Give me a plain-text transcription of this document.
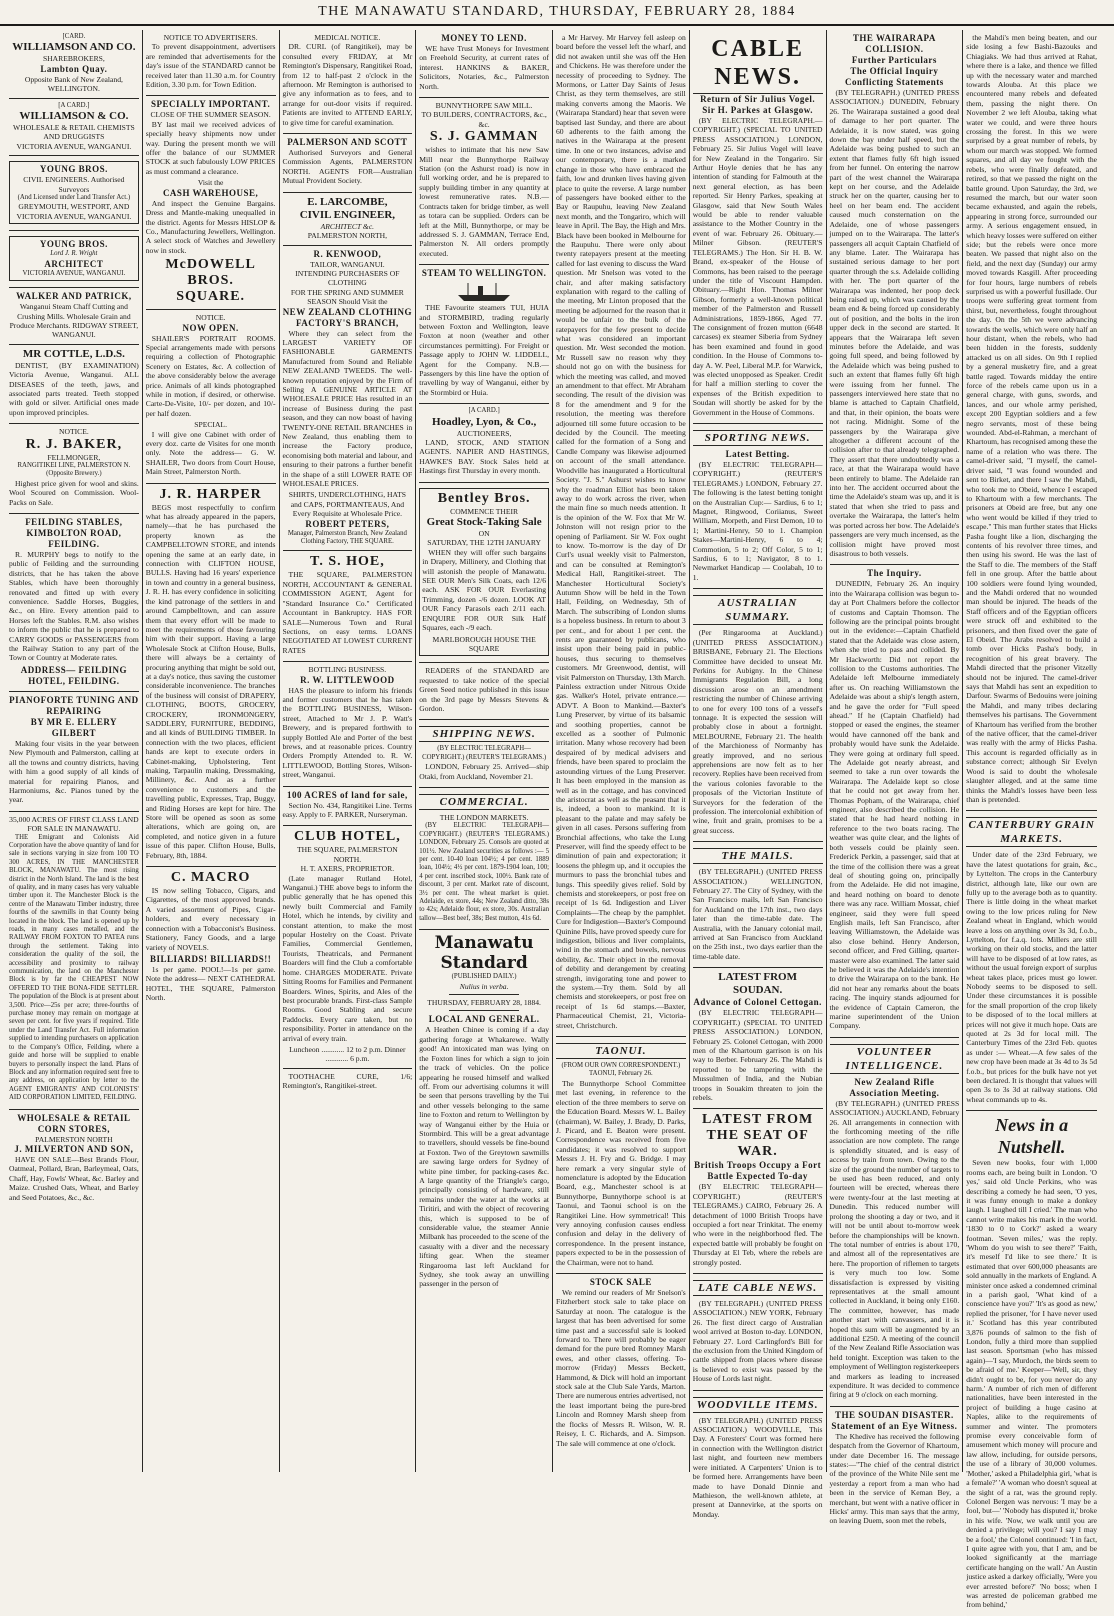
THE MANAWATU STANDARD, THURSDAY, FEBRUARY 28, 1884
[CARD.
WILLIAMSON AND CO.
SHAREBROKERS,
Lambton Quay.
Opposite Bank of New Zealand, WELLINGTON.
[A CARD.]
WILLIAMSON & CO.
WHOLESALE & RETAIL CHEMISTS AND DRUGGISTS
VICTORIA AVENUE, WANGANUI.
YOUNG BROS.
CIVIL ENGINEERS. Authorised Surveyors
(And Licensed under Land Transfer Act.)
GREYMOUTH, WESTPORT, AND VICTORIA AVENUE, WANGANUI.
YOUNG BROS.
Lord J. R. Wright
ARCHITECT
VICTORIA AVENUE, WANGANUI.
WALKER AND PATRICK,
Wanganui Steam Chaff Cutting and Crushing Mills. Wholesale Grain and Produce Merchants. RIDGWAY STREET, WANGANUI.
MR COTTLE, L.D.S.

DENTIST, (BY EXAMINATION) Victoria Avenue, Wanganui. ALL DISEASES of the teeth, jaws, and associated parts treated. Teeth stopped with gold or silver. Artificial ones made upon improved principles.

NOTICE.
R. J. BAKER,
FELLMONGER,
RANGITIKEI LINE, PALMERSTON N. (Opposite Brewery.)

Highest price given for wool and skins. Wool Scoured on Commission. Wool-Packs on Sale.

FEILDING STABLES, KIMBOLTON ROAD, FEILDING.

R. MURPHY begs to notify to the public of Feilding and the surrounding districts, that he has taken the above Stables, which have been thoroughly renovated and fitted up with every convenience. Saddle Horses, Buggies, &c., on Hire. Every attention paid to Horses left the Stables. R.M. also wishes to inform the public that he is prepared to CARRY GOODS or PASSENGERS from the Railway Station to any part of the Town or Country at Moderate rates.

ADDRESS— FEILDING HOTEL, FEILDING.
PIANOFORTE TUNING AND REPAIRING
BY MR E. ELLERY GILBERT

Making four visits in the year between New Plymouth and Palmerston, calling at all the towns and country districts, having with him a good supply of all kinds of material for repairing Pianos, and Harmoniums, &c. Pianos tuned by the year.

35,000 ACRES OF FIRST CLASS LAND FOR SALE IN MANAWATU.

THE Emigrant and Colonists Aid Corporation have the above quantity of land for sale in sections varying in size from 100 TO 300 ACRES, IN THE MANCHESTER BLOCK, MANAWATU. The most rising district in the North Island. The land is the best of quality, and in many cases has very valuable timber upon it. The Manchester Block is the centre of the Manawatu Timber industry, three fourths of the sawmills in that County being located in the block. The land is opened up by roads, in many cases metalled, and the RAILWAY FROM FOXTON TO PATEA runs through the settlement. Taking into consideration the quality of the soil, the accessibility and proximity to railway communication, the land on the Manchester Block is by far the CHEAPEST NOW OFFERED TO THE BONA-FIDE SETTLER. The population of the Block is at present about 3,500. Price—25s per acre; three-fourths of purchase money may remain on mortgage at seven per cent. for five years if required. Title under the Land Transfer Act. Full information supplied to intending purchasers on application to the Company's Office, Feilding, where a guide and horse will be supplied to enable buyers to personally inspect the land. Plans of Block and any information required sent free to any address, on application by letter to the AGENT EMIGRANTS' AND COLONISTS' AID CORPORATION LIMITED, FEILDING.

WHOLESALE & RETAIL CORN STORES,
PALMERSTON NORTH
J. MILVERTON AND SON,

HAVE ON SALE—Best Brands Flour, Oatmeal, Pollard, Bran, Barleymeal, Oats, Chaff, Hay, Fowls' Wheat, &c. Barley and Maize. Crushed Oats, Wheat, and Barley and Seed Potatoes, &c., &c.

NOTICE TO ADVERTISERS.

To prevent disappointment, advertisers are reminded that advertisements for the day's issue of the STANDARD cannot be received later than 11.30 a.m. for Country Edition, 3.30 p.m. for Town Edition.

SPECIALLY IMPORTANT.
CLOSE OF THE SUMMER SEASON.

BY last mail we received advices of specially heavy shipments now under way. During the present month we will offer the balance of our SUMMER STOCK at such fabulously LOW PRICES as must command a clearance.

Visit the
CASH WAREHOUSE,

And inspect the Genuine Bargains. Dress and Mantle-making unequalled in the district. Agents for Messrs HISLOP & Co., Manufacturing Jewellers, Wellington. A select stock of Watches and Jewellery now in stock.

McDOWELL BROS.
SQUARE.
NOTICE.
NOW OPEN.

SHAILER'S PORTRAIT ROOMS. Special arrangements made with persons requiring a collection of Photographic Scenery on Estates, &c. A collection of the above considerably below the average price. Animals of all kinds photographed while in motion, if desired, or otherwise. Carte-De-Visite, 10/- per dozen, and 10/- per half dozen.

SPECIAL.

I will give one Cabinet with order of every doz. carte de Visites for one month only. Note the address— G. W. SHAILER, Two doors from Court House, Main Street, Palmerston North.

J. R. HARPER

BEGS most respectfully to confirm what has already appeared in the papers, namely—that he has purchased the property known as the CAMPBELLTOWN STORE, and intends opening the same at an early date, in connection with CLIFTON HOUSE, BULLS. Having had 16 years' experience in town and country in a general business, J. R. H. has every confidence in soliciting the kind patronage of the settlers in and around Campbelltown, and can assure them that every effort will be made to meet the requirements of those favouring him with their support. Having a large Wholesale Stock at Clifton House, Bulls, there will always be a certainty of procuring anything that might be sold out, at a day's notice, thus saving the customer considerable inconvenience. The branches of the business will consist of DRAPERY, CLOTHING, BOOTS, GROCERY, CROCKERY, IRONMONGERY, SADDLERY, FURNITURE, BEDDING, and all kinds of BUILDING TIMBER. In connection with the two places, efficient hands are kept to execute orders in Cabinet-making, Upholstering, Tent making, Tarpaulin making, Dressmaking, Millinery, &c. And as a further convenience to customers and the travelling public, Expresses, Trap, Buggy, and Riding Horses are kept for hire. The Store will be opened as soon as some alterations, which are going on, are completed, and notice given in a future issue of this paper. Clifton House, Bulls, February, 8th, 1884.

C. MACRO

IS now selling Tobacco, Cigars, and Cigarettes, of the most approved brands. A varied assortment of Pipes, Cigar-holders, and every necessary in connection with a Tobacconist's Business. Stationery, Fancy Goods, and a large variety of NOVELS.

BILLIARDS! BILLIARDS!!

1s per game. POOL!—1s per game. Note the address— NEXT CATHEDRAL HOTEL, THE SQUARE, Palmerston North.

MEDICAL NOTICE.

DR. CURL (of Rangitikei), may be consulted every FRIDAY, at Mr Remington's Dispensary, Rangitikei Road, from 12 to half-past 2 o'clock in the afternoon. Mr Remington is authorised to give any information as to fees, and to arrange for out-door visits if required. Patients are invited to ATTEND EARLY, to give time for careful examination.

PALMERSON AND SCOTT

Authorised Surveyors and General Commission Agents, PALMERSTON NORTH. AGENTS FOR—Australian Mutual Provident Society.

E. LARCOMBE,
CIVIL ENGINEER,
ARCHITECT &c.
PALMERSTON NORTH,
R. KENWOOD,
TAILOR, WANGANUI.
INTENDING PURCHASERS OF CLOTHING
FOR THE SPRING AND SUMMER SEASON Should Visit the
NEW ZEALAND CLOTHING FACTORY'S BRANCH,

Where they can select from the LARGEST VARIETY OF FASHIONABLE GARMENTS Manufactured from Sound and Reliable NEW ZEALAND TWEEDS. The well-known reputation enjoyed by the Firm of Selling A GENUINE ARTICLE AT WHOLESALE PRICE Has resulted in an increase of Business during the past season, and they can now boast of having TWENTY-ONE RETAIL BRANCHES in New Zealand, thus enabling them to increase the Factory produce, economising both material and labour, and ensuring to their patrons a further benefit in the shape of a still LOWER RATE OF WHOLESALE PRICES.

SHIRTS, UNDERCLOTHING, HATS and CAPS, PORTMANTEAUS, And Every Requisite at Wholesale Price.
ROBERT PETERS,
Manager, Palmerston Branch, New Zealand Clothing Factory, THE SQUARE.
T. S. HOE,

THE SQUARE, PALMERSTON NORTH, ACCOUNTANT & GENERAL COMMISSION AGENT, Agent for "Standard Insurance Co." Certificated Accountant in Bankruptcy. HAS FOR SALE—Numerous Town and Rural Sections, on easy terms. LOANS NEGOTIATED AT LOWEST CURRENT RATES

BOTTLING BUSINESS.
R. W. LITTLEWOOD

HAS the pleasure to inform his friends and former customers that he has taken the BOTTLING BUSINESS, Wilson-street, Attached to Mr J. P. Watt's Brewery, and is prepared forthwith to supply Bottled Ale and Porter of the best brews, and at reasonable prices. Country Orders Promptly Attended to. R. W. LITTLEWOOD, Bottling Stores, Wilson-street, Wanganui.

100 ACRES of land for sale,

Section No. 434, Rangitikei Line. Terms easy. Apply to F. PARKER, Nurseryman.

CLUB HOTEL,
THE SQUARE, PALMERSTON NORTH.
H. T. AXERS, PROPRIETOR.

(Late manager Rutland Hotel, Wanganui.) THE above begs to inform the public generally that he has opened this newly built Commercial and Family Hotel, which he intends, by civility and constant attention, to make the most popular Hostelry on the Coast. Private Families, Commercial Gentlemen, Tourists, Theatricals, and Permanent Boarders will find the Club a comfortable home. CHARGES MODERATE. Private Sitting Rooms for Families and Permanent Boarders. Wines, Spirits, and Ales of the best procurable brands. First-class Sample Rooms. Good Stabling and secure Paddocks. Every care taken, but no responsibility. Porter in attendance on the arrival of every train.

Luncheon ............ 12 to 2 p.m. Dinner ............ 6 p.m.

TOOTHACHE CURE, 1/6; Remington's, Rangitikei-street.

MONEY TO LEND.

WE have Trust Moneys for Investment on Freehold Security, at current rates of interest. HANKINS & BAKER, Solicitors, Notaries, &c., Palmerston North.

BUNNYTHORPE SAW MILL.
TO BUILDERS, CONTRACTORS, &c., &c.
S. J. GAMMAN

wishes to intimate that his new Saw Mill near the Bunnythorpe Railway Station (on the Ashurst road) is now in full working order, and he is prepared to supply building timber in any quantity at lowest remunerative rates. N.B.—Contracts taken for bridge timber, as well as totara can be supplied. Orders can be left at the Mill, Bunnythorpe, or may be addressed S. J. GAMMAN, Terrace End, Palmerston N. All orders promptly executed.

STEAM TO WELLINGTON.

THE Favourite steamers TUI, HUIA and STORMBIRD, trading regularly between Foxton and Wellington, leave Foxton at noon (weather and other circumstances permitting). For Freight or Passage apply to JOHN W. LIDDELL, Agent for the Company. N.B.—Passengers by this line have the option of travelling by way of Wanganui, either by the Stormbird or Huia.

[A CARD.]
Hoadley, Lyon, & Co.,
AUCTIONEERS,

LAND, STOCK, AND STATION AGENTS. NAPIER AND HASTINGS, HAWKE'S BAY. Stock Sales held at Hastings first Thursday in every month.

Bentley Bros.
COMMENCE THEIR
Great Stock-Taking Sale
ON
SATURDAY, THE 12TH JANUARY

WHEN they will offer such bargains in Drapery, Millinery, and Clothing that will astonish the people of Manawatu. SEE OUR Men's Silk Coats, each 12/6 each. ASK FOR OUR Everlasting Trimming, dozen -/6 dozen. LOOK AT OUR Fancy Parasols each 2/11 each. ENQUIRE FOR OUR Silk Half Squares, each -/9 each.

MARLBOROUGH HOUSE THE SQUARE

READERS of the STANDARD are requested to take notice of the special Green Seed notice published in this issue on the 3rd page by Messrs Stevens & Gordon.

SHIPPING NEWS.
(BY ELECTRIC TELEGRAPH—COPYRIGHT.) (REUTER'S TELEGRAMS.)

LONDON, February 25. Arrived—ship Otaki, from Auckland, November 21.

COMMERCIAL.
THE LONDON MARKETS.

(BY ELECTRIC TELEGRAPH—COPYRIGHT.) (REUTER'S TELEGRAMS.) LONDON, February 25. Consols are quoted at 101½. New Zealand securities as follows :— 5 per cent. 10-40 loan 104½; 4 per cent. 1889 loan, 104½; 4½ per cent. 1879-1904 loan, 100; 4 per cent. inscribed stock, 100½. Bank rate of discount, 3 per cent. Market rate of discount, 3½ per cent. The wheat market is quiet. Adelaide, ex store, 44s; New Zealand ditto, 38s to 42s; Adelaide flour, ex store, 30s. Australian tallow—Best beef, 38s; Best mutton, 41s 6d.

Manawatu Standard
(PUBLISHED DAILY.)
Nulius in verba.
THURSDAY, FEBRUARY 28, 1884.
LOCAL AND GENERAL.

A Heathen Chinee is coming if a day gathering forage at Whakarewe. Wally good! An intoxicated man was lying on the Foxton lines for which a sign to join the track of vehicles. On the police appearing he roused himself and walked off. From our advertising columns it will be seen that persons travelling by the Tui and other vessels belonging to the same line to Foxton and return to Wellington by way of Wanganui either by the Huia or Stormbird. This will be a great advantage to travellers, should vessels be fine-bound at Foxton. Two of the Greytown sawmills are sawing large orders for Sydney of white pine timber, for packing-cases &c. A large quantity of the Triangle's cargo, principally consisting of hardware, still remains under the water at the works at Tiritiri, and with the object of recovering this, which is supposed to be of considerable value, the steamer Annie Milbank has proceeded to the scene of the casualty with a diver and the necessary lifting gear. When the steamer Ringarooma last left Auckland for Sydney, she took away an unwilling passenger in the person of

a Mr Harvey. Mr Harvey fell asleep on board before the vessel left the wharf, and did not awaken until she was off the Hen and Chickens. He was therefore under the necessity of proceeding to Sydney. The Mormons, or Latter Day Saints of Jesus Christ, as they term themselves, are still making converts among the Maoris. We (Wairarapa Standard) hear that seven were baptised last Sunday, and there are about 60 adherents to the faith among the natives in the Wairarapa at the present time. In one or two instances, advise and our contemporary, there is a marked change in those who have embraced the faith, low and drunken lives having given place to quite the reverse. A large number of passengers have booked either to the Bay or Raupuhu, leaving New Zealand next month, and the Tongariro, which will leave in April. The Bay, the High and Mrs. Black have been booked in Melbourne for the Raupuhu. There were only about twenty ratepayers present at the meeting called for last evening to discuss the Ward question. Mr Snelson was voted to the chair, and after making satisfactory explanation with regard to the calling of the meeting, Mr Linton proposed that the meeting be adjourned for the reason that it would be unfair to the bulk of the ratepayers for the few present to decide what was considered an important question. Mr. West seconded the motion. Mr Russell saw no reason why they should not go on with the business for which the meeting was called, and moved an amendment to that effect. Mr Abraham seconding. The result of the division was 8 for the amendment and 9 for the resolution, the meeting was therefore adjourned till some future occasion to be decided by the Council. The meeting called for the formation of a Song and Candle Company was likewise adjourned on account of the small attendance. Woodville has inaugurated a Horticultural Society. "J. S." Ashurst wishes to know why the roadman Elliot has been taken away to do work across the river, when the main fine so much needs attention. It is the opinion of the W. Fox that Mr W. Johnston will not resign prior to the opening of Parliament. Sir W. Fox ought to know. To-morrow is the day of Dr Curl's usual weekly visit to Palmerston, and can be consulted at Remington's Medical Hall, Rangitikei-street. The Manchester Horticultural Society's Autumn Show will be held in the Town Hall, Feilding, on Wednesday, 5th of March. The subscribing of London slums is a hopeless business. In return to about 3 per cent., and for about 1 per cent. the rents are guaranteed by publicans, who insist upon their being paid in public-houses, thus securing to themselves customers. Mr Greenwood, dentist, will visit Palmerston on Thursday, 13th March. Painless extraction under Nitrous Oxide gas. Walker's Hotel, private entrance.— ADVT. A Boon to Mankind.—Baxter's Lung Preserver, by virtue of its balsamic and soothing properties, cannot be excelled as a soother of Pulmonic irritation. Many whose recovery had been despaired of by medical advisers and friends, have been spared to proclaim the astounding virtues of the Lung Preserver. It has been employed in the mansion as well as in the cottage, and has convinced the aristocrat as well as the peasant that it is, indeed, a boon to mankind. It is pleasant to the palate and may safely be given in all cases. Persons suffering from Bronchial affections, who take the Lung Preserver, will find the speedy effect to be diminution of pain and expectoration; it loosens the phlegm up, and it occupies the murmurs to pass the bronchial tubes and lungs. This speedily gives relief. Sold by chemists and storekeepers, or post free on receipt of 1s 6d. Indigestion and Liver Complaints—The cheap by the pamphlet. Cure for Indigestion—Baxter's Compound Quinine Pills, have proved speedy cure for indigestion, bilious and liver complaints, wind in the stomach and bowels, nervous debility, &c. Their object in the removal of debility and derangement by creating strength, invigorating tone and power to the system.—Try them. Sold by all chemists and storekeepers, or post free on receipt of 1s 6d stamps.—Baxter, Pharmaceutical Chemist, 21, Victoria-street, Christchurch.

TAONUI.
(FROM OUR OWN CORRESPONDENT.) TAONUI, February 26.

The Bunnythorpe School Committee met last evening, in reference to the election of the three members to serve on the Education Board. Messrs W. L. Bailey (chairman), W. Bailey, J. Brady, D. Parks, J. Picard, and E. Beaton were present. Correspondence was received from five candidates; it was resolved to support Messrs J. H. Fry and G. Bridge. I may here remark a very singular style of nomenclature is adopted by the Education Board, e.g., Manchester school is at Bunnythorpe, Bunnythorpe school is at Taonui, and Taonui school is on the Rangitikei Line. How symmetrical! This very annoying confusion causes endless confusion and delay in the delivery of correspondence. In the present instance, papers expected to be in the possession of the Chairman, were not to hand.

STOCK SALE

We remind our readers of Mr Snelson's Fitzherbert stock sale to take place on Saturday at noon. The catalogue is the largest that has been advertised for some time past and a successful sale is looked forward to. There will probably be eager demand for the pure bred Romney Marsh ewes, and other classes, offering. To-morrow (Friday) Messrs Beckett, Hammond, & Dick will hold an important stock sale at the Club Sale Yards, Marton. There are numerous entries advertised, not the least important being the pure-bred Lincoln and Romney Marsh sheep from the flocks of Messrs R. Wilson, W. R. Reisey, I. C. Richards, and A. Simpson. The sale will commence at one o'clock.

CABLE NEWS.
Return of Sir Julius Vogel.
Sir H. Parkes at Glasgow.

(BY ELECTRIC TELEGRAPH.—COPYRIGHT.) (SPECIAL TO UNITED PRESS ASSOCIATION.) LONDON, February 25. Sir Julius Vogel will leave for New Zealand in the Tongariro. Sir Arthur Hoyle denies that he has any intention of standing for Falmouth at the next general election, as has been reported. Sir Henry Parkes, speaking at Glasgow, said that New South Wales would be able to render valuable assistance to the Mother Country in the event of war. February 26. Obituary.—Milner Gibson. (REUTER'S TELEGRAMS.) The Hon. Sir H. B. W. Brand, ex-speaker of the House of Commons, has been raised to the peerage under the title of Viscount Hampden. Obituary.—Right Hon. Thomas Milner Gibson, formerly a well-known political member of the Palmerston and Russell Administrations, 1859-1866, Aged 77. The consignment of frozen mutton (6648 carcases) ex steamer Siberia from Sydney has been examined and found in good condition. In the House of Commons to-day A. W. Peel, Liberal M.P. for Warwick, was elected unopposed as Speaker. Credit for half a million sterling to cover the expenses of the British expedition to Soudan will shortly be asked for by the Government in the House of Commons.

SPORTING NEWS.
Latest Betting.

(BY ELECTRIC TELEGRAPH—COPYRIGHT.) (REUTER'S TELEGRAMS.) LONDON, February 27. The following is the latest betting tonight on the Australian Cup:— Sardius, 6 to 1; Magnet, Ringwood, Coriianus, Sweet William, Morpeth, and First Demon, 10 to 1; Martini-Henry, 50 to 1. Champion Stakes—Martini-Henry, 6 to 4; Commotion, 5 to 2; Off Color, 5 to 1; Sardius, 6 to 1; Navigator, 8 to 1. Newmarket Handicap — Coolabah, 10 to 1.

AUSTRALIAN SUMMARY.

(Per Ringarooma at Auckland.) (UNITED PRESS ASSOCIATION.) BRISBANE, February 21. The Elections Committee have decided to unseat Mr. Perkins for Aubigny. In the Chinese Immigrants Regulation Bill, a long discussion arose on an amendment restricting the number of Chinese arriving to one for every 100 tons of a vessel's tonnage. It is expected the session will probably close in about a fortnight. MELBOURNE, February 21. The health of the Marchioness of Normanby has greatly improved, and no serious apprehensions are now felt as to her recovery. Replies have been received from the various colonies favorable to the proposals of the Victorian Institute of Surveyors for the federation of the profession. The intercolonial exhibition of wine, fruit and grain, promises to be a great success.

THE MAILS.

(BY TELEGRAPH.) (UNITED PRESS ASSOCIATION.) WELLINGTON, February 27. The City of Sydney, with the San Francisco mails, left San Francisco for Auckland on the 17th inst., two days later than the time-table date. The Australia, with the January colonial mail, arrived at San Francisco from Auckland on the 25th inst., two days earlier than the time-table date.

LATEST FROM SOUDAN.
Advance of Colonel Cettogan.

(BY ELECTRIC TELEGRAPH—COPYRIGHT.) (SPECIAL TO UNITED PRESS ASSOCIATION.) LONDON, February 25. Colonel Cettogan, with 2000 men of the Khartoum garrison is on his way to Berber. February 26. The Mahdi is reported to be tampering with the Mussulmen of India, and the Nubian troops in Souakim threaten to join the rebels.

LATEST FROM THE SEAT OF WAR.
British Troops Occupy a Fort
Battle Expected To-day

(BY ELECTRIC TELEGRAPH—COPYRIGHT.) (REUTER'S TELEGRAMS.) CAIRO, February 26. A detachment of 1000 British Troops have occupied a fort near Trinkitat. The enemy who were in the neighborhood fled. The expected battle will probably be fought on Thursday at El Teb, where the rebels are strongly posted.

LATE CABLE NEWS.

(BY TELEGRAPH.) (UNITED PRESS ASSOCIATION.) NEW YORK, February 26. The first direct cargo of Australian wool arrived at Boston to-day. LONDON, February 27. Lord Carlingford's Bill for the exclusion from the United Kingdom of cattle shipped from places where disease is believed to exist was passed by the House of Lords last night.

WOODVILLE ITEMS.

(BY TELEGRAPH.) (UNITED PRESS ASSOCIATION.) WOODVILLE, This Day. A Foresters' Court was formed here in connection with the Wellington district last night, and fourteen new members were initiated. A Carpenters' Union is to be formed here. Arrangements have been made to have Donald Dinnie and Mathieson, the well-known athlete, at present at Dannevirke, at the sports on Monday.

THE WAIRARAPA COLLISION.
Further Particulars
The Official Inquiry
Conflicting Statements

(BY TELEGRAPH.) (UNITED PRESS ASSOCIATION.) DUNEDIN, February 26. The Wairarapa sustained a good deal of damage to her port quarter. The Adelaide, it is now stated, was going down the bay under half speed, but the Adelaide was being pushed to such an extent that flames fully 6ft high issued from her funnel. On entering the narrow part of the west channel the Wairarapa kept on her course, and the Adelaide struck her on the quarter, causing her to heel on her beam end. The accident caused much consternation on the Adelaide, one of whose passengers jumped on to the Wairarapa. The latter's passengers all acquit Captain Chatfield of any blame. Later. The Wairarapa has sustained serious damage to her port quarter through the s.s. Adelaide colliding with her. The port quarter of the Wairarapa was indented, her poop deck being raised up, which was caused by the beam end & being forced up considerably out of position, and the bolts in the iron upper deck in the second are started. It appears that the Wairarapa left seven minutes before the Adelaide, and was going full speed, and being followed by the Adelaide which was being pushed to such an extent that flames fully 6ft high were issuing from her funnel. The passengers interviewed here state that no blame is attached to Captain Chatfield, and that, in their opinion, the boats were not racing. Midnight. Some of the passengers by the Wairarapa give altogether a different account of the collision after to that already telegraphed. They assert that there undoubtedly was a race, at that the Wairarapa would have been entirely to blame. The Adelaide ran into her. The accident occurred about the time the Adelaide's steam was up, and it is stated that when she tried to pass and overtake the Wairarapa, the latter's helm was ported across her bow. The Adelaide's passengers are very much incensed, as the collision might have proved most disastrous to both vessels.

The Inquiry.

DUNEDIN, February 26. An inquiry into the Wairarapa collision was begun to-day at Port Chalmers before the collector of customs and Captain Thomson. The following are the principal points brought out in the evidence:—Captain Chatfield stated that the Adelaide was close astern, when she tried to pass and collided. By Mr Hackworth: Did not report the collision to the Customs authorities. The Adelaide left Melbourne immediately after us. On reaching Williamstown the Adelaide was about a ship's length astern, and he gave the order for "Full speed ahead." If he (Captain Chatfield) had stopped or eased the engines, the steamer would have cannoned off the bank and probably would have sunk the Adelaide. They were going at ordinary full speed. The Adelaide got nearly abreast, and seemed to take a run over towards the Wairarapa. The Adelaide kept so close that he could not get away from her. Thomas Popham, of the Wairarapa, chief engineer, also described the collision. He stated that he had heard nothing in reference to the two boats racing. The weather was quite clear, and the lights of both vessels could be plainly seen. Frederick Perkin, a passenger, said that at the time of the collision there was a great deal of shouting going on, principally from the Adelaide. He did not imagine, and heard nothing on board to denote there was any race. William Mossat, chief engineer, said they were full speed English mails, left San Francisco, after leaving Williamstown, the Adelaide was also close behind. Henry Anderson, second officer, and Fred Gilling, quarter-master were also examined. The latter said he believed it was the Adelaide's intention to drive the Wairarapa on to the bank. He did not hear any remarks about the boats racing. The inquiry stands adjourned for the evidence of Captain Cameron, the marine superintendent of the Union Company.

VOLUNTEER INTELLIGENCE.
New Zealand Rifle Association Meeting.

(BY TELEGRAPH.) (UNITED PRESS ASSOCIATION.) AUCKLAND, February 26. All arrangements in connection with the forthcoming meeting of the rifle association are now complete. The range is splendidly situated, and is easy of access by train from town. Owing to the size of the ground the number of targets to be used has been reduced, and only fourteen will be erected, whereas there were twenty-four at the last meeting at Dunedin. This reduced number will prolong the shooting a day or two, and it will not be until about to-morrow week before the championships will be known. The total number of entries is about 170, and almost all of the representatives are here. The proportion of riflemen to targets is very much too low. Some dissatisfaction is expressed by visiting representatives at the small amount collected in Auckland, it being only £160. The committee, however, has made another start with canvassers, and it is hoped this sum will be augmented by an additional £250. A meeting of the council of the New Zealand Rifle Association was held tonight. Exception was taken to the employment of Wellington registerkeepers and markers as leading to increased expenditure. It was decided to commence firing at 9 o'clock on each morning.

THE SOUDAN DISASTER.
Statement of an Eye Witness.

The Khedive has received the following despatch from the Governor of Khartoum, under date December 16. The message states:—"The chief of the central district of the province of the White Nile sent me yesterday a report from a man who had been in the service of Keman Bey, a merchant, but went with a native officer in Hicks' army. This man says that the army, on leaving Duem, soon met the rebels,

the Mahdi's men being beaten, and our side losing a few Bashi-Bazouks and Chiagiaks. We had thus arrived at Rahat, where there is a lake, and thence we filled up with the necessary water and marched towards Alouba. At this place we encountered many rebels and defeated them, passing the night there. On November 2 we left Alouba, taking what water we could, and were three hours crossing the forest. In this we were surprised by a great number of rebels, by whom our march was stopped. We formed squares, and all day we fought with the rebels, who were finally defeated, and retired, so that we passed the night on the battle ground. Upon Saturday, the 3rd, we resumed the march, but our water soon became exhausted, and again the rebels, appearing in strong force, surrounded our army. A serious engagement ensued, in which heavy losses were suffered on either side; but the rebels were once more beaten. We passed that night also on the field, and the next day (Sunday) our army moved towards Kasgill. After proceeding for four hours, large numbers of rebels surprised us with a powerful fusillade. Our troops were suffering great torment from thirst, but, nevertheless, fought throughout the day. On the 5th we were advancing towards the wells, which were only half an hour distant, when the rebels, who had been hidden in the forests, suddenly attacked us on all sides. On 9th I replied by a general musketry fire, and a great battle raged. Towards midday the entire force of the rebels came upon us in a general charge, with guns, swords, and lances, and our whole army perished, except 200 Egyptian soldiers and a few negro servants, most of these being wounded. Abd-el-Rahman, a merchant of Khartoum, has recognised among these the name of a relation who was there. The camel-driver said, "I myself, the camel-driver said, "I was found wounded and sent to Birket, and there I saw the Mahdi, who took me to Obeid, whence I escaped to Khartoum with a few merchants. The prisoners at Obeid are free, but any one who went would be killed if they tried to escape." This man further states that Hicks Pasha fought like a lion, discharging the contents of his revolver three times, and then using his sword. He was the last of the Staff to die. The members of the Staff fell in one group. After the battle about 100 soldiers were found lying wounded, and the Mahdi ordered that no wounded man should be injured. The heads of the Staff officers and of the Egyptian officers were struck off and exhibited to the prisoners, and then fixed over the gate of El Obeid. The Arabs resolved to build a tomb over Hicks Pasha's body, in recognition of his great bravery. The Mahdi directed that the prisoner Vitzelly should not be injured. The camel-driver says that Mahdi has sent an expedition to Darfour. Swarms of Bedouins were joining the Mahdi, and many tribes declaring themselves his partisans. The Government of Khartoum has verified from the brother of the native officer, that the camel-driver was really with the army of Hicks Pasha. This account is regarded officially as in substance correct; although Sir Evelyn Wood is said to doubt the wholesale slaughter alleged, and at the same time thinks the Mahdi's losses have been less than is pretended.

CANTERBURY GRAIN MARKETS.

Under date of the 23rd February, we have the latest quotations for grain, &c., by Lyttelton. The crops in the Canterbury district, although late, like our own are fully up to the average both as to quantity. There is little doing in the wheat market owing to the low prices ruling for New Zealand wheat in England, which would leave a loss on anything over 3s 3d, f.o.b., Lyttelton, for f.a.q. lots. Millers are still working on their old stocks, and the latter will have to be disposed of at low rates, as without the usual foreign export of surplus wheat takes place, prices must go lower. Nobody seems to be disposed to sell. Under these circumstances it is possible for the small proportion of the crop likely to be disposed of to the local millers at prices will not give it much hope. Oats are quoted at 2s 3d for local mill. The Canterbury Times of the 23rd Feb. quotes as under :— Wheat.—A few sales of the new crop have been made at 3s 4d to 3s 5d f.o.b., but prices for the bulk have not yet been declared. It is thought that values will open 3s to 3s 3d at railway stations. Old wheat commands up to 4s.

News in a Nutshell.

Seven new books, four with 1,000 rooms each, are being built in London. 'O yes,' said old Uncle Perkins, who was describing a comedy he had seen, 'O yes, it was funny enough to make a donkey laugh. I laughed till I cried.' The man who cannot write makes his mark in the world. '1830 to 0 to Cork?' asked a weary footman. 'Seven miles,' was the reply. 'Whom do you wish to see there?' 'Faith, it's meself I'd like to see there.' It is estimated that over 600,000 pheasants are sold annually in the markets of England. A minister once asked a condemned criminal in a parish gaol, 'What kind of a conscience have you?' 'It's as good as new,' replied the prisoner, 'for I have never used it.' Scotland has this year contributed 3,876 pounds of salmon to the fish of London, fully a third more than supplied last season. Sportsman (who has missed again)—'I say, Murdoch, the birds seem to be afraid of me.' Keeper—'Well, sir, they didn't ought to be, for you never do any harm.' A number of rich men of different nationalities, have been interested in the project of building a huge casino at Naples, alike to the requirements of summer and winter. The promoters promise every conceivable form of amusement which money will procure and law allow, including, for outside persons, the use of a library of 30,000 volumes. 'Mother,' asked a Philadelphia girl, 'what is a female?' 'A woman who doesn't squeal at the sight of a rat, was the ground reply. Colonel Bergen was nervous: 'I may be a fool, but—' 'Nobody has disputed it,' broke in his wife. 'Now, we walk until you are denied a privilege; will you? I say I may be a fool,' the Colonel continued: 'I in fact, I quite agree with you, that I am, and be looked significantly at the marriage certificate hanging on the wall.' An Austin justice asked a darkey officially, 'Were you ever arrested before?' 'No boss; when I was arrested de policeman grabbed me from behind,'
